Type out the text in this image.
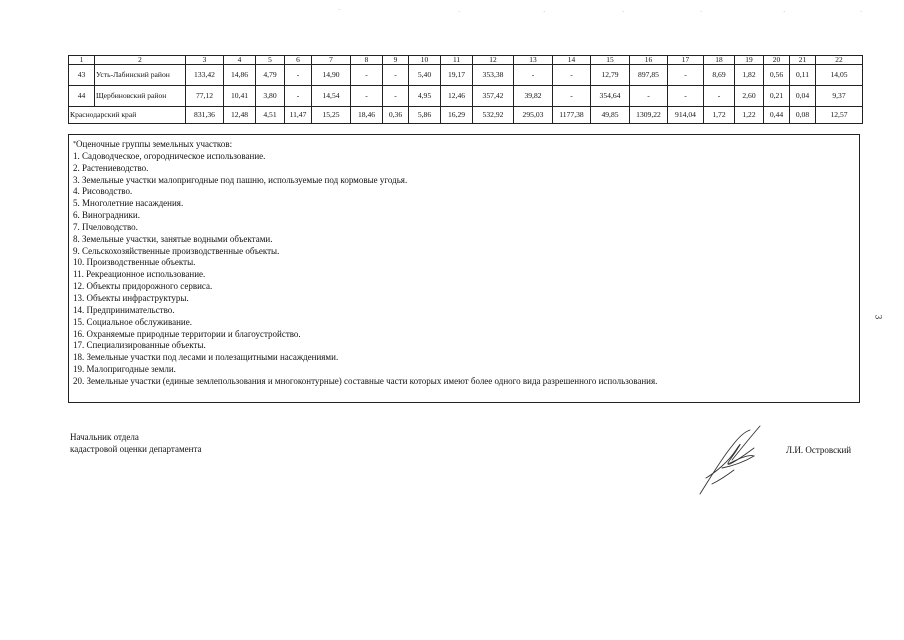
1	2	3	4	5	6	7	8	9	10	11	12	13	14	15	16	17	18	19	20	21	22
43	Усть-Лабинский район	133,42	14,86	4,79	-	14,90	-	-	5,40	19,17	353,38	-	-	12,79	897,85	-	8,69	1,82	0,56	0,11	14,05
44	Щербиновский район	77,12	10,41	3,80	-	14,54	-	-	4,95	12,46	357,42	39,82	-	354,64	-	-	-	2,60	0,21	0,04	9,37
Краснодарский край		831,36	12,48	4,51	11,47	15,25	18,46	0,36	5,86	16,29	532,92	295,03	1177,38	49,85	1309,22	914,04	1,72	1,22	0,44	0,08	12,57
*Оценочные группы земельных участков:
1. Садоводческое, огородническое использование.
2. Растениеводство.
3. Земельные участки малопригодные под пашню, используемые под кормовые угодья.
4. Рисоводство.
5. Многолетние насаждения.
6. Виноградники.
7. Пчеловодство.
8. Земельные участки, занятые водными объектами.
9. Сельскохозяйственные производственные объекты.
10. Производственные объекты.
11. Рекреационное использование.
12. Объекты придорожного сервиса.
13. Объекты инфраструктуры.
14. Предпринимательство.
15. Социальное обслуживание.
16. Охраняемые природные территории и благоустройство.
17. Специализированные объекты.
18. Земельные участки под лесами и полезащитными насаждениями.
19. Малопригодные земли.
20. Земельные участки (единые землепользования и многоконтурные) составные части которых имеют более одного вида разрешенного использования.
Начальник отдела
кадастровой оценки департамента	Л.И. Островский
3
·	·	·	·	·	·	·
